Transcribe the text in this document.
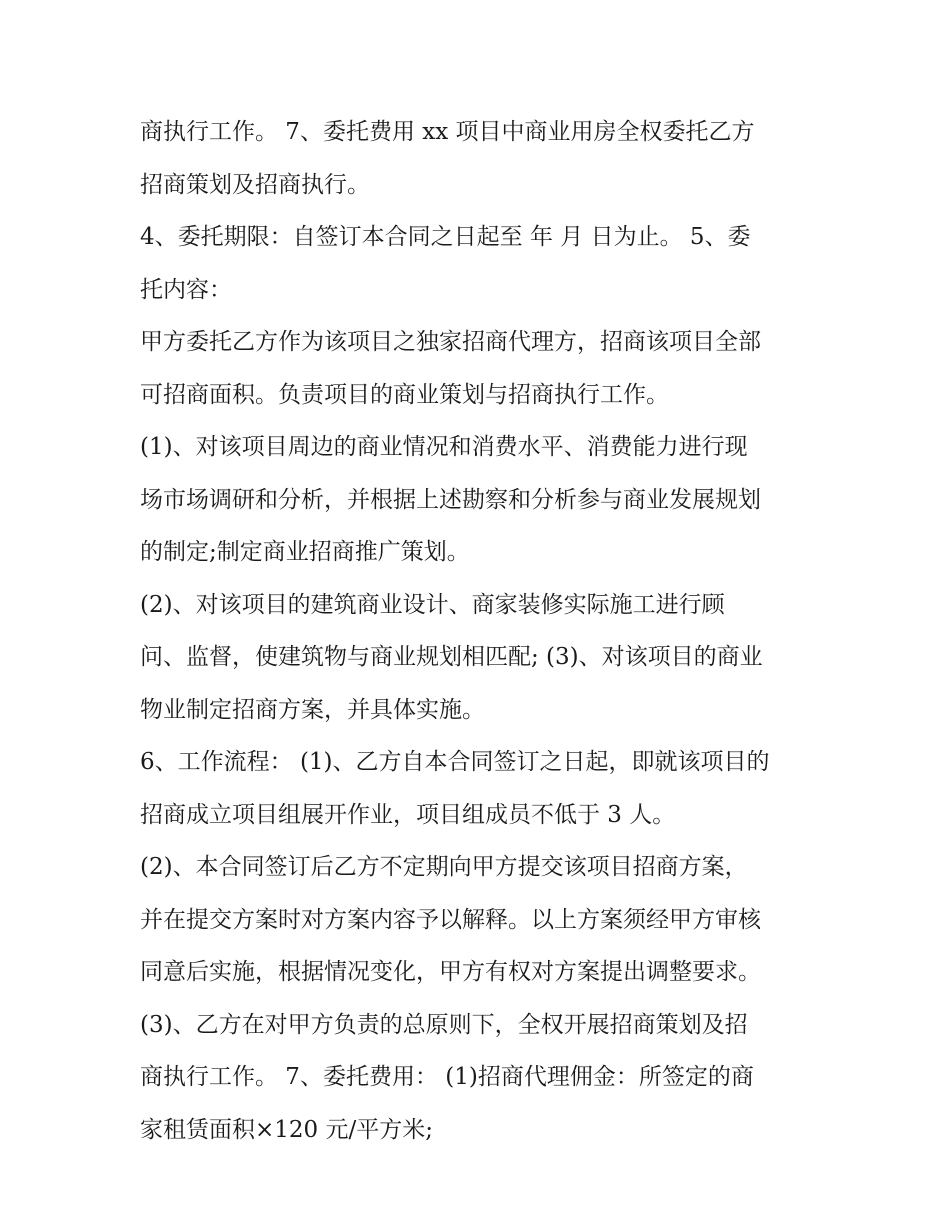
商执行工作。 7、委托费用 xx 项目中商业用房全权委托乙方
招商策划及招商执行。
4、委托期限：自签订本合同之日起至 年 月 日为止。 5、委
托内容：
甲方委托乙方作为该项目之独家招商代理方，招商该项目全部
可招商面积。负责项目的商业策划与招商执行工作。
(1)、对该项目周边的商业情况和消费水平、消费能力进行现
场市场调研和分析，并根据上述勘察和分析参与商业发展规划
的制定;制定商业招商推广策划。
(2)、对该项目的建筑商业设计、商家装修实际施工进行顾
问、监督，使建筑物与商业规划相匹配; (3)、对该项目的商业
物业制定招商方案，并具体实施。
6、工作流程： (1)、乙方自本合同签订之日起，即就该项目的
招商成立项目组展开作业，项目组成员不低于 3 人。
(2)、本合同签订后乙方不定期向甲方提交该项目招商方案，
并在提交方案时对方案内容予以解释。以上方案须经甲方审核
同意后实施，根据情况变化，甲方有权对方案提出调整要求。
(3)、乙方在对甲方负责的总原则下，全权开展招商策划及招
商执行工作。 7、委托费用： (1)招商代理佣金：所签定的商
家租赁面积×120 元/平方米;
